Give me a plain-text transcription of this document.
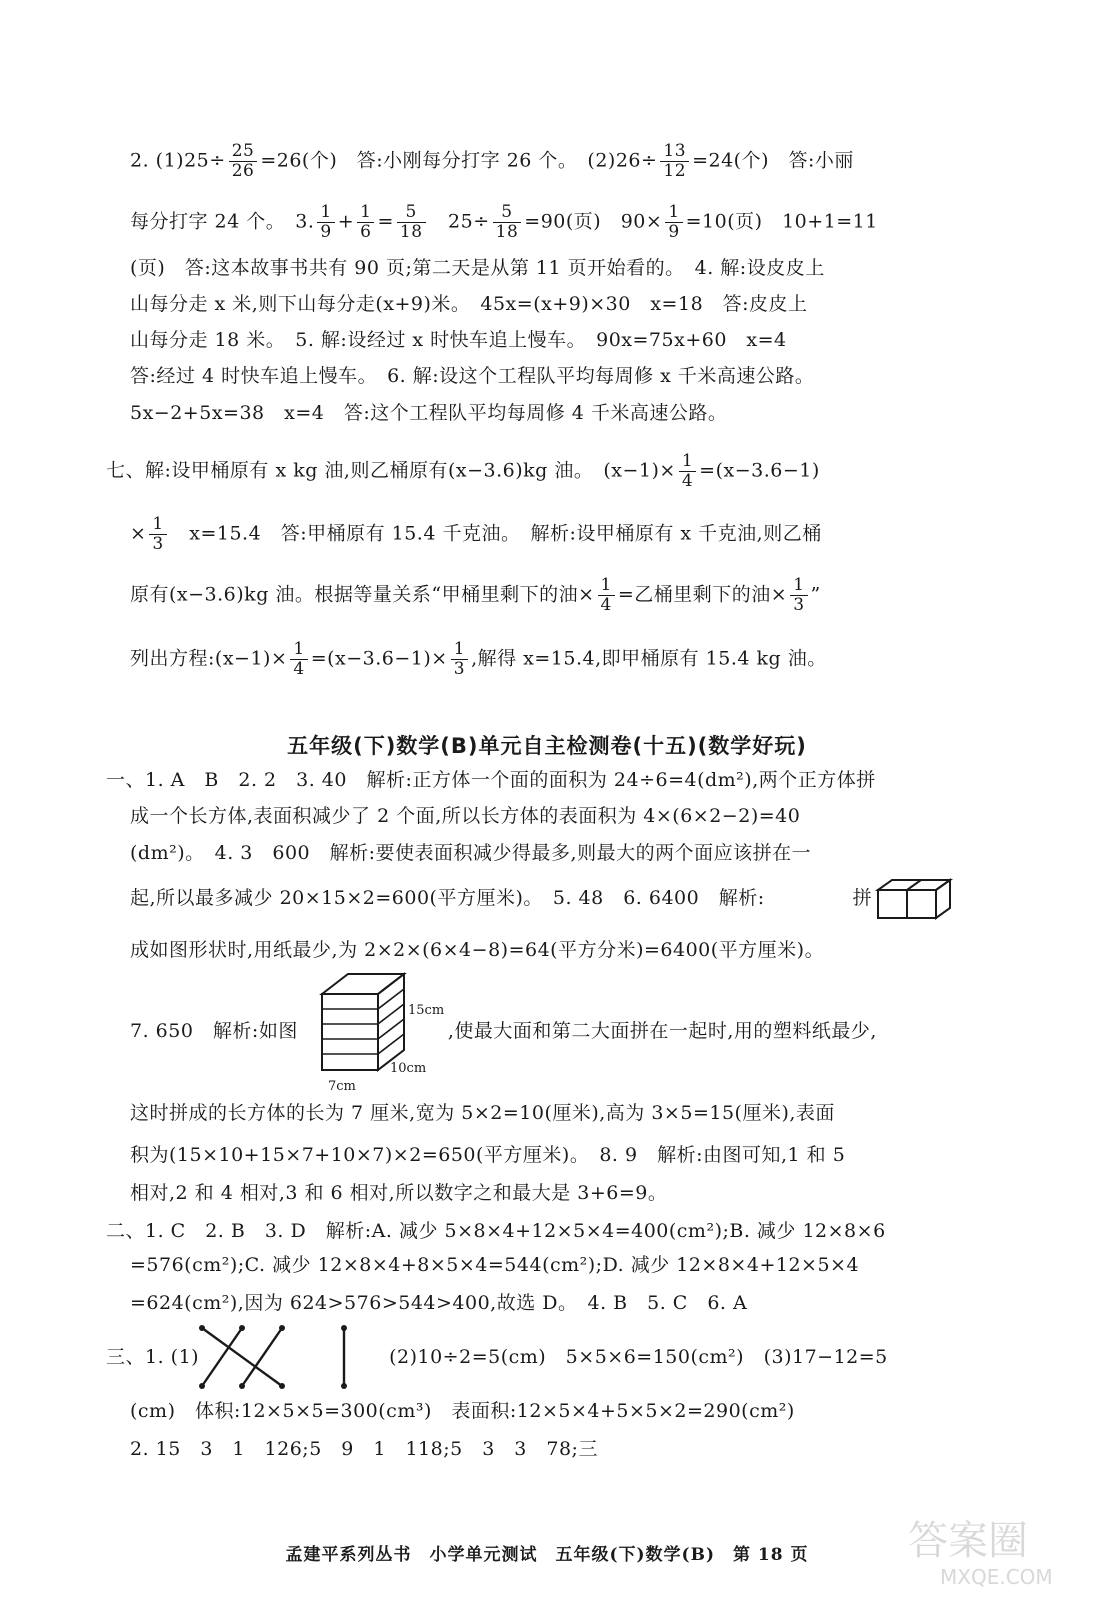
2. $(1)25\div \frac{25}{26} =26$(个)　答:小刚每分打字 26 个。　$(2)26\div \frac{13}{12} =24$(个)　答:小丽
每分打字 24 个。　3. $\frac{1}{9} + \frac{1}{6} = \frac{5}{18}$ 　$25\div \frac{5}{18} =90$(页)　$90\times \frac{1}{9} =10$(页)　10+1=11
(页)　答:这本故事书共有 90 页;第二天是从第 11 页开始看的。　4. 解:设皮皮上
山每分走 x 米,则下山每分走(x+9)米。　45x=(x+9)×30　x=18　答:皮皮上
山每分走 18 米。　5. 解:设经过 x 时快车追上慢车。　90x=75x+60　x=4
答:经过 4 时快车追上慢车。　6. 解:设这个工程队平均每周修 x 千米高速公路。
5x−2+5x=38　x=4　答:这个工程队平均每周修 4 千米高速公路。
七、解:设甲桶原有 x kg 油,则乙桶原有(x−3.6)kg 油。　$(x-1)\times \frac{1}{4} =(x-3.6-1)$
× $\frac{1}{3}$ 　x=15.4　答:甲桶原有 15.4 千克油。　解析:设甲桶原有 x 千克油,则乙桶
原有(x−3.6)kg 油。根据等量关系“甲桶里剩下的油× $\frac{1}{4}$ =乙桶里剩下的油× $\frac{1}{3}$ ”
列出方程:(x−1)× $\frac{1}{4} =(x-3.6-1)\times \frac{1}{3}$ ,解得 x=15.4,即甲桶原有 15.4 kg 油。
五年级(下)数学(B)单元自主检测卷(十五)(数学好玩)
一、1. A　B　2. 2　3. 40　解析:正方体一个面的面积为 24÷6=4(dm²),两个正方体拼
成一个长方体,表面积减少了 2 个面,所以长方体的表面积为 4×(6×2−2)=40
(dm²)。　4. 3　600　解析:要使表面积减少得最多,则最大的两个面应该拼在一
起,所以最多减少 20×15×2=600(平方厘米)。　5. 48　6. 6400　解析:	拼
成如图形状时,用纸最少,为 2×2×(6×4−8)=64(平方分米)=6400(平方厘米)。
7. 650　解析:如图	,使最大面和第二大面拼在一起时,用的塑料纸最少,
15cm
10cm
7cm
这时拼成的长方体的长为 7 厘米,宽为 5×2=10(厘米),高为 3×5=15(厘米),表面
积为(15×10+15×7+10×7)×2=650(平方厘米)。　8. 9　解析:由图可知,1 和 5
相对,2 和 4 相对,3 和 6 相对,所以数字之和最大是 3+6=9。
二、1. C　2. B　3. D　解析:A. 减少 5×8×4+12×5×4=400(cm²);B. 减少 12×8×6
=576(cm²);C. 减少 12×8×4+8×5×4=544(cm²);D. 减少 12×8×4+12×5×4
=624(cm²),因为 624>576>544>400,故选 D。　4. B　5. C　6. A
三、1. (1)	(2)10÷2=5(cm)　5×5×6=150(cm²)　(3)17−12=5
(cm)　体积:12×5×5=300(cm³)　表面积:12×5×4+5×5×2=290(cm²)
2. 15　3　1　126;5　9　1　118;5　3　3　78;三
孟建平系列丛书　小学单元测试　五年级(下)数学(B)　第 18 页	答案圈
MXQE.COM
